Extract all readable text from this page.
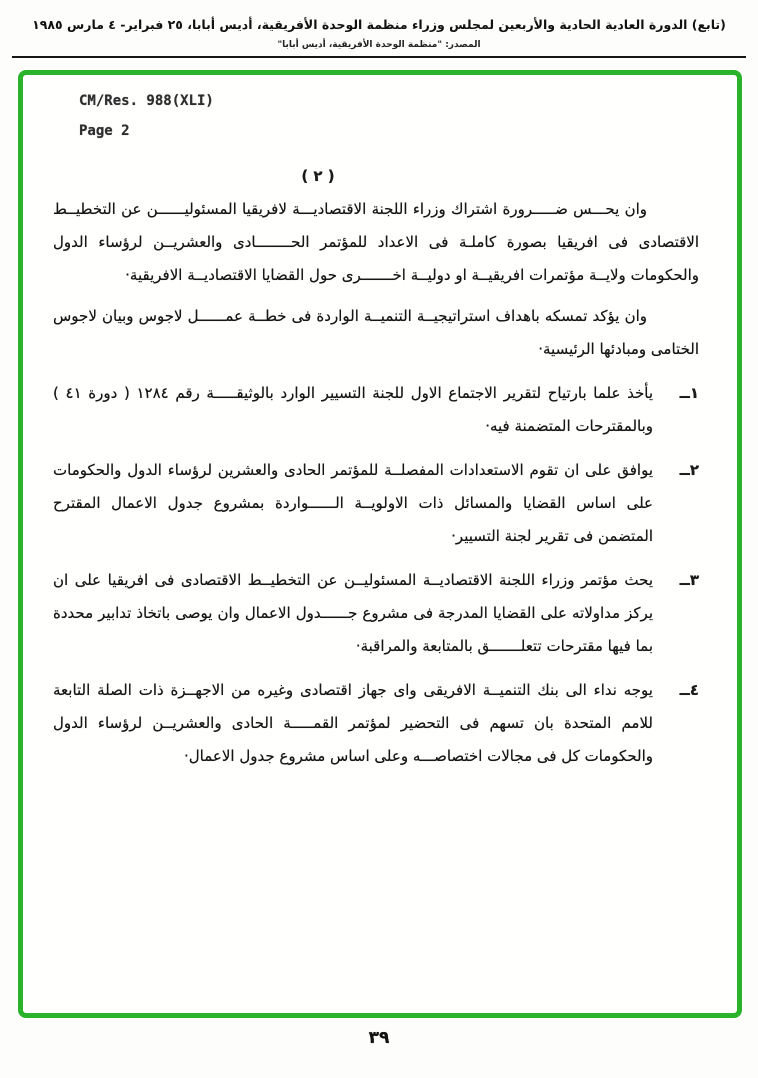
(تابع) الدورة العادية الحادية والأربعين لمجلس وزراء منظمة الوحدة الأفريقية، أديس أبابا، ٢٥ فبراير- ٤ مارس ١٩٨٥
المصدر: "منظمة الوحدة الأفريقية، أديس أبابا"
CM/Res. 988(XLI)
Page 2
( ٢ )

وان يحـــس ضـــــرورة اشتراك وزراء اللجنة الاقتصاديـــة لافريقيا المسئوليــــــن عن التخطيــط الاقتصادى فى افريقيا بصورة كاملـة فى الاعداد للمؤتمر الحــــــــادى والعشريــن لرؤساء الدول والحكومات ولايــة مؤتمرات افريقيــة او دوليــة اخـــــــرى حول القضايا الاقتصاديــة الافريقية·

وان يؤكد تمسكه باهداف استراتيجيــة التنميــة الواردة فى خطــة عمــــــل لاجوس وبيان لاجوس الختامى ومبادئها الرئيسية·

١ــ
يأخذ علما بارتياح لتقرير الاجتماع الاول للجنة التسيير الوارد بالوثيقـــــة رقم ١٢٨٤ ( دورة ٤١ ) وبالمقترحات المتضمنة فيه·
٢ــ
يوافق على ان تقوم الاستعدادات المفصلــة للمؤتمر الحادى والعشرين لرؤساء الدول والحكومات على اساس القضايا والمسائل ذات الاولويــة الــــــواردة بمشروع جدول الاعمال المقترح المتضمن فى تقرير لجنة التسيير·
٣ــ
يحث مؤتمر وزراء اللجنة الاقتصاديــة المسئوليــن عن التخطيــط الاقتصادى فى افريقيا على ان يركز مداولاته على القضايا المدرجة فى مشروع جــــــدول الاعمال وان يوصى باتخاذ تدابير محددة بما فيها مقترحات تتعلـــــــق بالمتابعة والمراقبة·
٤ــ
يوجه نداء الى بنك التنميــة الافريقى واى جهاز اقتصادى وغيره من الاجهــزة ذات الصلة التابعة للامم المتحدة بان تسهم فى التحضير لمؤتمر القمـــــة الحادى والعشريــن لرؤساء الدول والحكومات كل فى مجالات اختصاصـــه وعلى اساس مشروع جدول الاعمال·
٣٩
